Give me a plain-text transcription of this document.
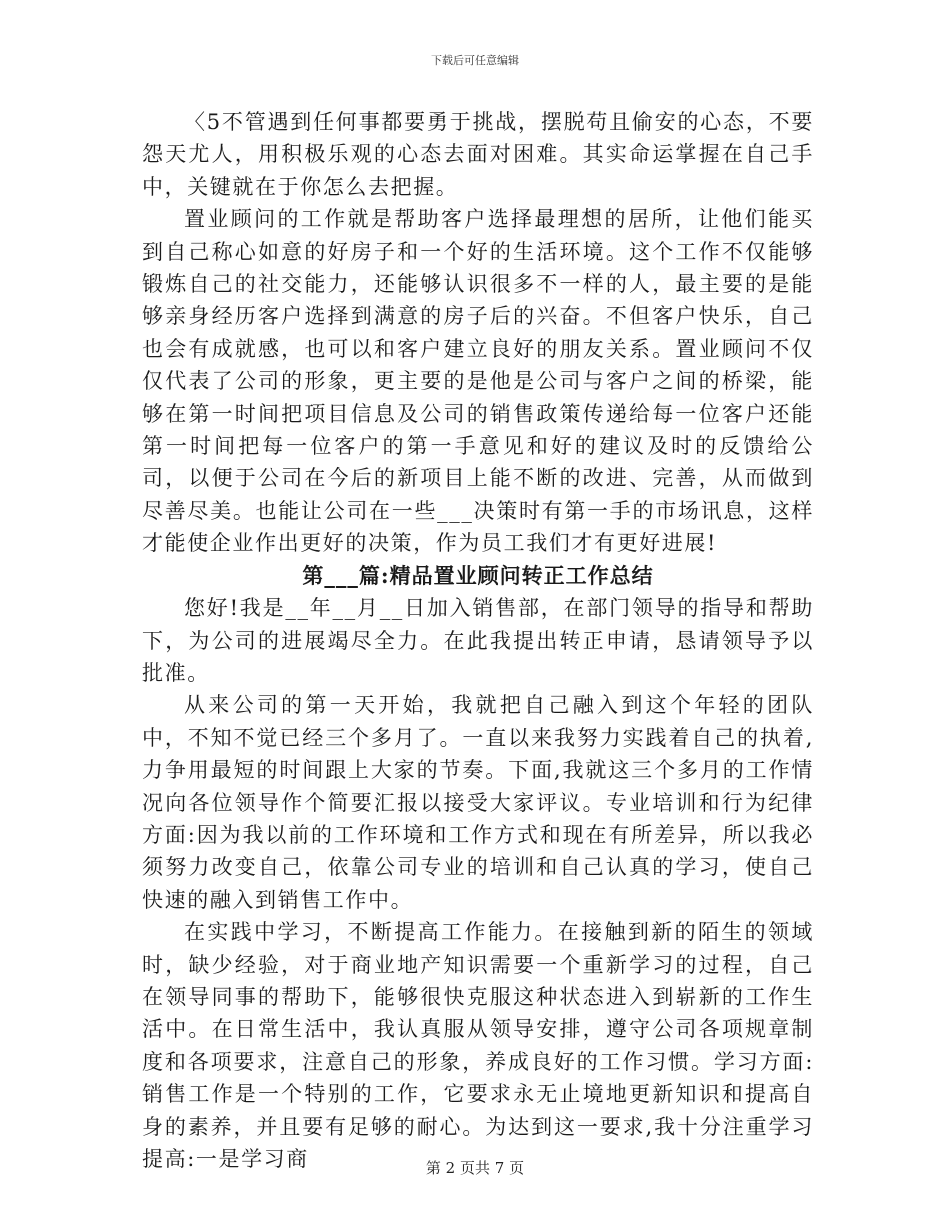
下载后可任意编辑

〈5不管遇到任何事都要勇于挑战，摆脱苟且偷安的心态，不要怨天尤人，用积极乐观的心态去面对困难。其实命运掌握在自己手中，关键就在于你怎么去把握。

置业顾问的工作就是帮助客户选择最理想的居所，让他们能买到自己称心如意的好房子和一个好的生活环境。这个工作不仅能够锻炼自己的社交能力，还能够认识很多不一样的人，最主要的是能够亲身经历客户选择到满意的房子后的兴奋。不但客户快乐，自己也会有成就感，也可以和客户建立良好的朋友关系。置业顾问不仅仅代表了公司的形象，更主要的是他是公司与客户之间的桥梁，能够在第一时间把项目信息及公司的销售政策传递给每一位客户还能第一时间把每一位客户的第一手意见和好的建议及时的反馈给公司，以便于公司在今后的新项目上能不断的改进、完善，从而做到尽善尽美。也能让公司在一些___决策时有第一手的市场讯息，这样才能使企业作出更好的决策，作为员工我们才有更好进展!

第___篇:精品置业顾问转正工作总结

您好!我是__年__月__日加入销售部，在部门领导的指导和帮助下，为公司的进展竭尽全力。在此我提出转正申请，恳请领导予以批准。

从来公司的第一天开始，我就把自己融入到这个年轻的团队中，不知不觉已经三个多月了。一直以来我努力实践着自己的执着,力争用最短的时间跟上大家的节奏。下面,我就这三个多月的工作情况向各位领导作个简要汇报以接受大家评议。专业培训和行为纪律方面:因为我以前的工作环境和工作方式和现在有所差异，所以我必须努力改变自己，依靠公司专业的培训和自己认真的学习，使自己快速的融入到销售工作中。

在实践中学习，不断提高工作能力。在接触到新的陌生的领域时，缺少经验，对于商业地产知识需要一个重新学习的过程，自己在领导同事的帮助下，能够很快克服这种状态进入到崭新的工作生活中。在日常生活中，我认真服从领导安排，遵守公司各项规章制度和各项要求，注意自己的形象，养成良好的工作习惯。学习方面:销售工作是一个特别的工作，它要求永无止境地更新知识和提高自身的素养，并且要有足够的耐心。为达到这一要求,我十分注重学习提高:一是学习商	第 2 页共 7 页
